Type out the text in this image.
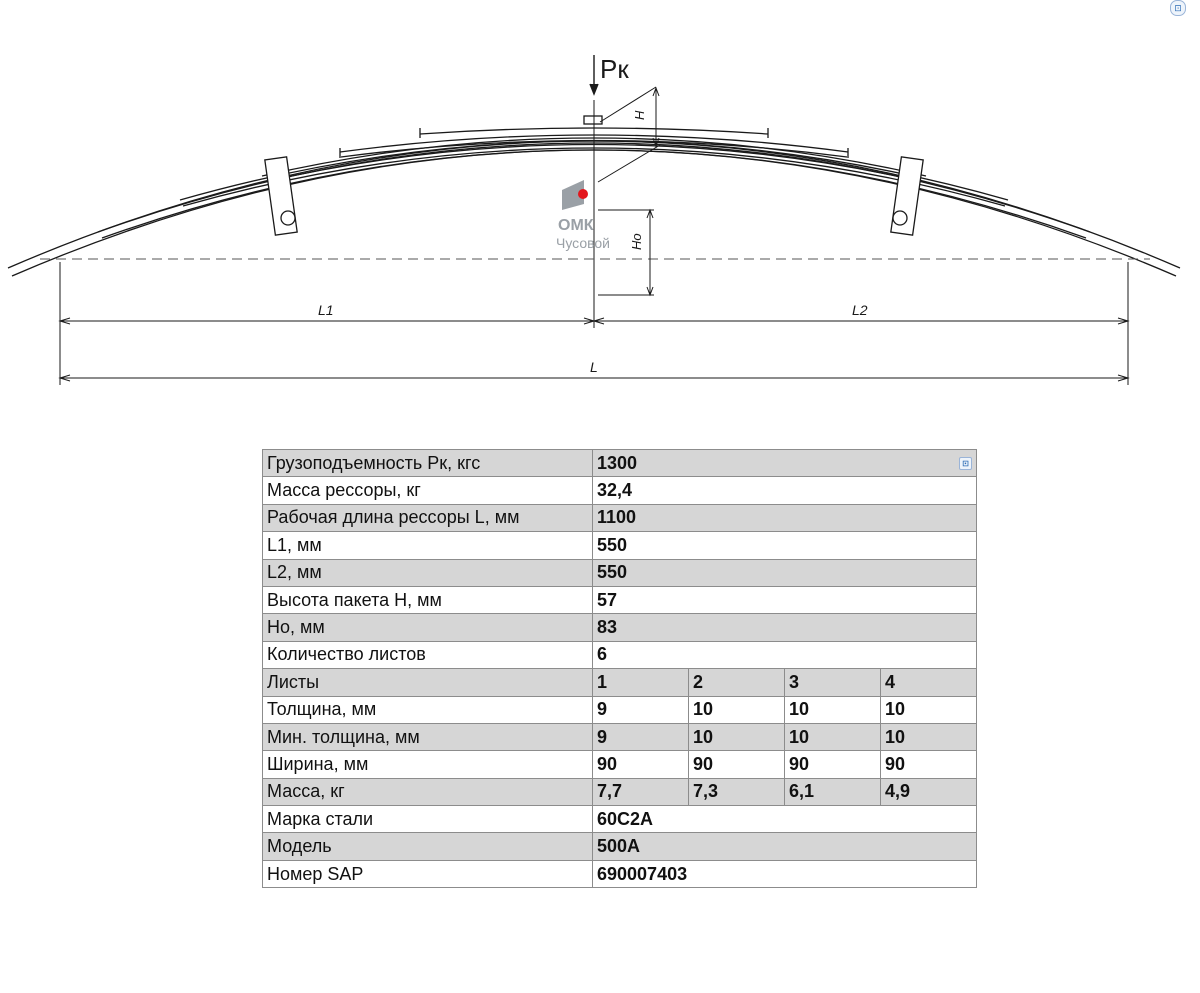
Pк
H
Ho
L1	L2
L
ОМК
Чусовой
⊡
Грузоподъемность Pк, кгс	1300 ⊡			

Масса рессоры, кг	32,4			
Рабочая длина рессоры L, мм	1100			
L1, мм	550			
L2, мм	550			
Высота пакета H, мм	57			
Hо, мм	83			
Количество листов	6			
Листы	1	2	3	4
Толщина, мм	9	10	10	10
Мин. толщина, мм	9	10	10	10
Ширина, мм	90	90	90	90
Масса, кг	7,7	7,3	6,1	4,9
Марка стали	60С2А			
Модель	500А			
Номер SAP	690007403			
